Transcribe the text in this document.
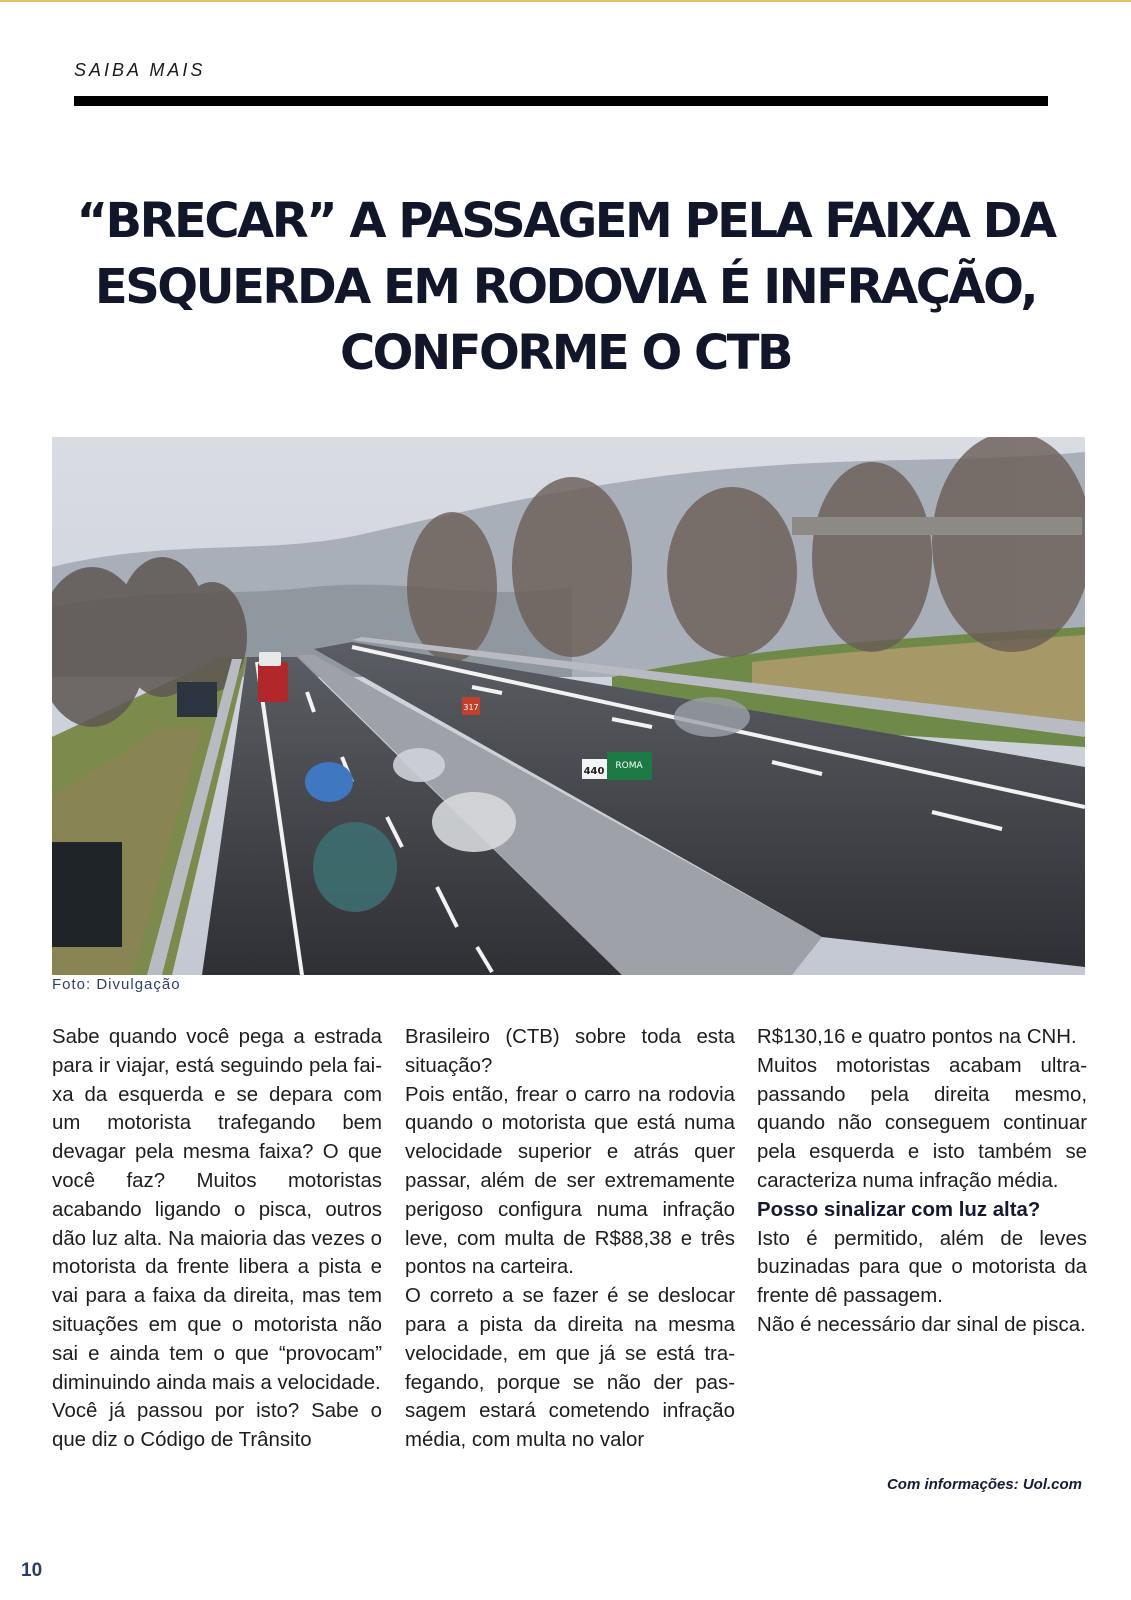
SAIBA MAIS
“BRECAR” A PASSAGEM PELA FAIXA DA ESQUERDA EM RODOVIA É INFRAÇÃO, CONFORME O CTB
ROMA
440
317
Foto: Divulgação

Sabe quando você pega a estrada para ir viajar, está seguindo pela fai- xa da esquerda e se depara com um motorista trafegando bem devagar pela mesma faixa? O que você faz? Muitos motoristas acabando ligando o pisca, outros dão luz alta. Na maioria das vezes o motorista da frente libera a pista e vai para a faixa da direita, mas tem situações em que o motorista não sai e ainda tem o que “provocam” diminuindo ainda mais a velocidade.

Você já passou por isto? Sabe o que diz o Código de Trânsito

Brasileiro (CTB) sobre toda esta situação?

Pois então, frear o carro na rodovia quando o motorista que está numa velocidade superior e atrás quer passar, além de ser extremamente perigoso configura numa infração leve, com multa de R$88,38 e três pontos na carteira.

O correto a se fazer é se deslocar para a pista da direita na mesma velocidade, em que já se está trafegando, porque se não der passagem estará cometendo infração média, com multa no valor

R$130,16 e quatro pontos na CNH.

Muitos motoristas acabam ultrapassando pela direita mesmo, quando não conseguem continuar pela esquerda e isto também se caracteriza numa infração média.

Posso sinalizar com luz alta?

Isto é permitido, além de leves buzinadas para que o motorista da frente dê passagem.

Não é necessário dar sinal de pisca.

Com informações: Uol.com
10
